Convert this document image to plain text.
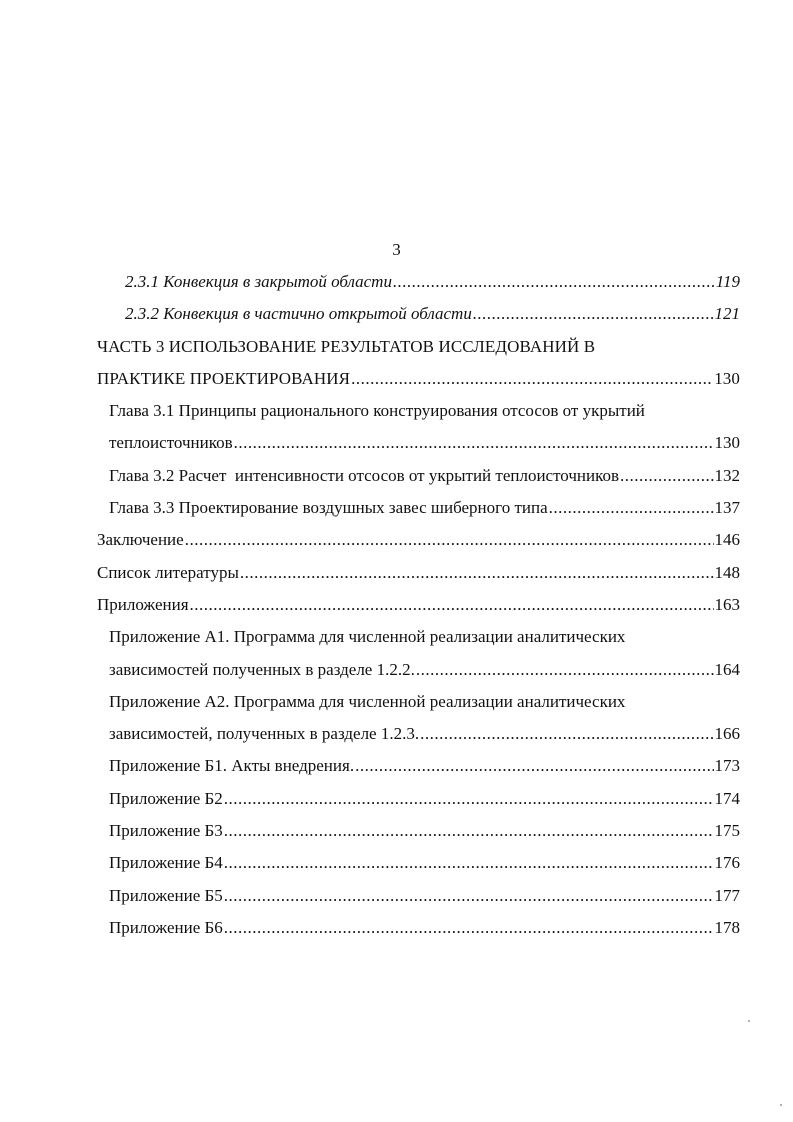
3
2.3.1 Конвекция в закрытой области .....	119
2.3.2 Конвекция в частично открытой области .....	121
ЧАСТЬ 3 ИСПОЛЬЗОВАНИЕ РЕЗУЛЬТАТОВ ИССЛЕДОВАНИЙ В
ПРАКТИКЕ ПРОЕКТИРОВАНИЯ .....	130
Глава 3.1 Принципы рационального конструирования отсосов от укрытий
теплоисточников .....	130
Глава 3.2 Расчет  интенсивности отсосов от укрытий теплоисточников .....	132
Глава 3.3 Проектирование воздушных завес шиберного типа .....	137
Заключение .....	146
Список литературы .....	148
Приложения .....	163
Приложение А1. Программа для численной реализации аналитических
зависимостей полученных в разделе 1.2.2. .....	164
Приложение А2. Программа для численной реализации аналитических
зависимостей, полученных в разделе 1.2.3. .....	166
Приложение Б1. Акты внедрения. .....	173
Приложение Б2 .....	174
Приложение Б3 .....	175
Приложение Б4 .....	176
Приложение Б5 .....	177
Приложение Б6 .....	178
